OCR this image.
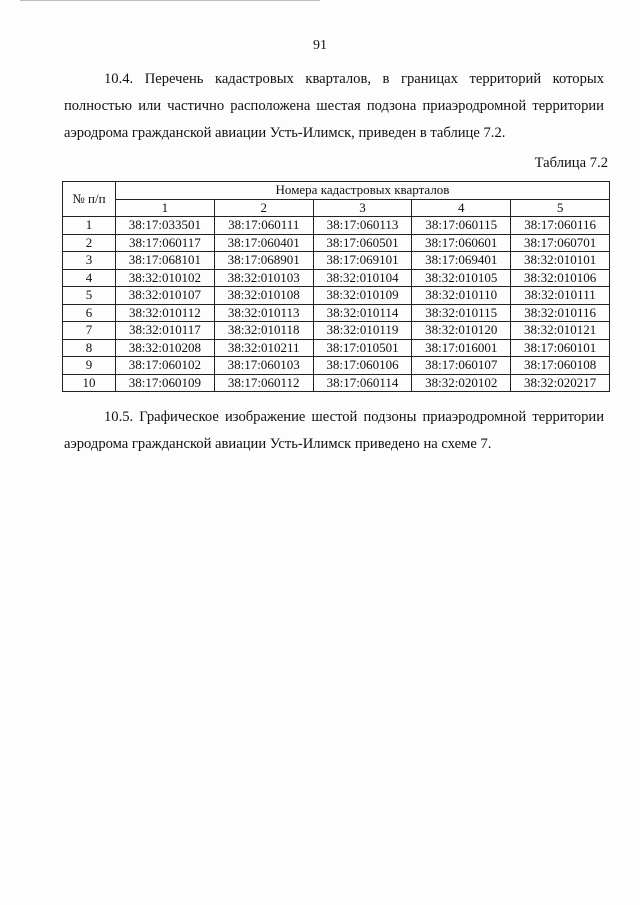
91

10.4. Перечень кадастровых кварталов, в границах территорий которых полностью или частично расположена шестая подзона приаэродромной территории аэродрома гражданской авиации Усть-Илимск, приведен в таблице 7.2.

Таблица 7.2
№ п/п	Номера кадастровых кварталов				
	1	2	3	4	5
1	38:17:033501	38:17:060111	38:17:060113	38:17:060115	38:17:060116
2	38:17:060117	38:17:060401	38:17:060501	38:17:060601	38:17:060701
3	38:17:068101	38:17:068901	38:17:069101	38:17:069401	38:32:010101
4	38:32:010102	38:32:010103	38:32:010104	38:32:010105	38:32:010106
5	38:32:010107	38:32:010108	38:32:010109	38:32:010110	38:32:010111
6	38:32:010112	38:32:010113	38:32:010114	38:32:010115	38:32:010116
7	38:32:010117	38:32:010118	38:32:010119	38:32:010120	38:32:010121
8	38:32:010208	38:32:010211	38:17:010501	38:17:016001	38:17:060101
9	38:17:060102	38:17:060103	38:17:060106	38:17:060107	38:17:060108
10	38:17:060109	38:17:060112	38:17:060114	38:32:020102	38:32:020217

10.5. Графическое изображение шестой подзоны приаэродромной территории аэродрома гражданской авиации Усть-Илимск приведено на схеме 7.
